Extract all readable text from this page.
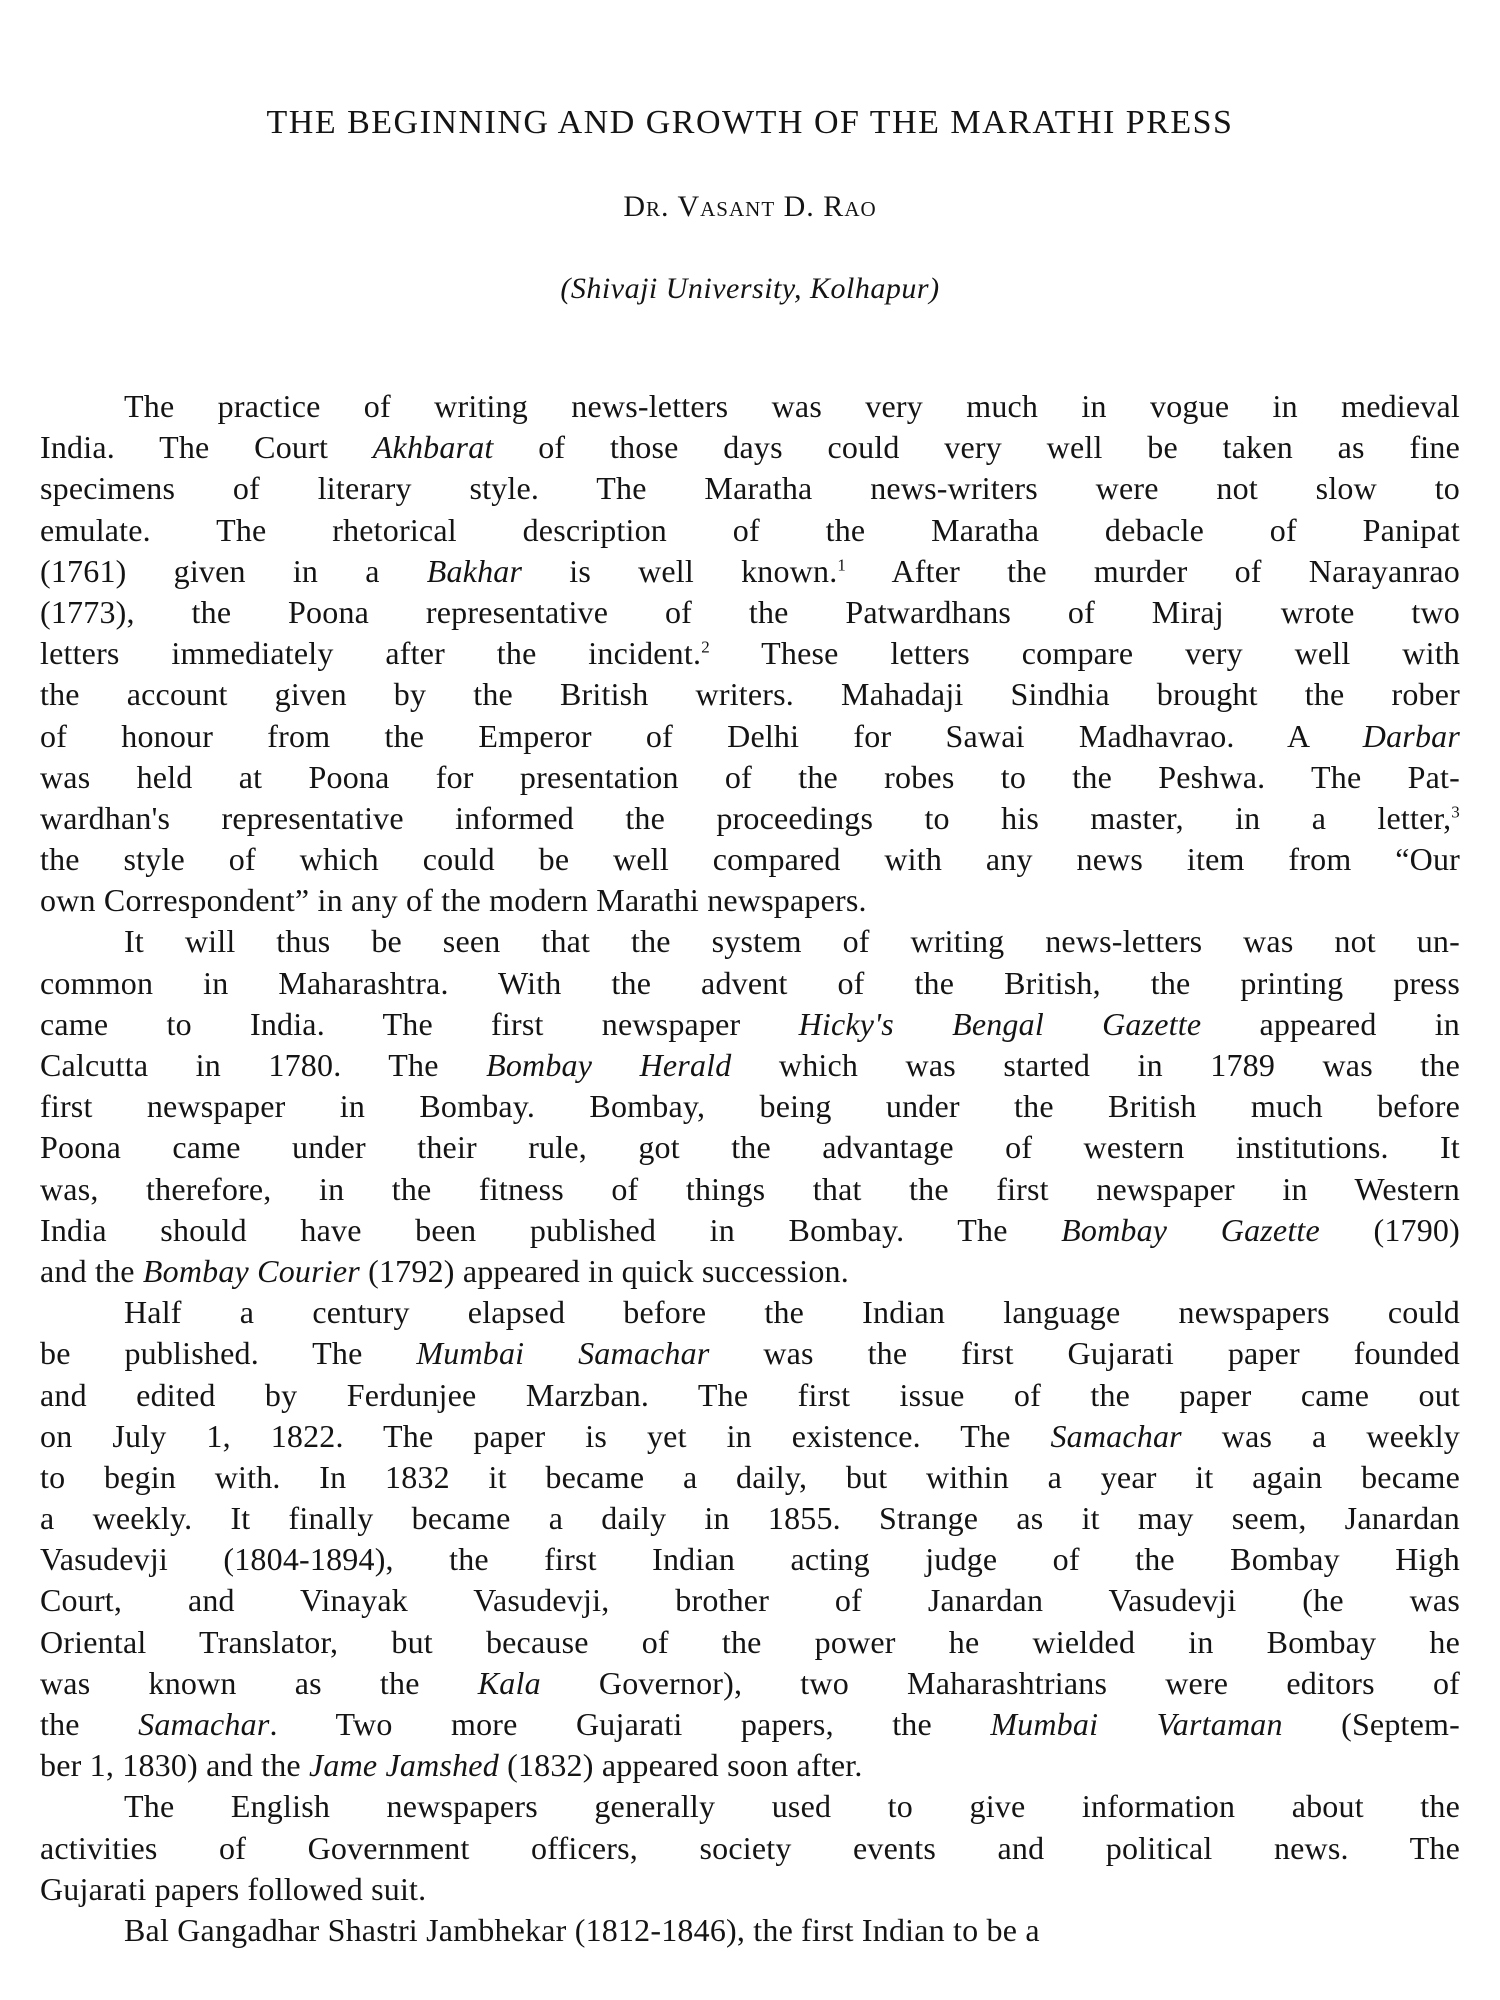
THE BEGINNING AND GROWTH OF THE MARATHI PRESS
Dr. Vasant D. Rao
(Shivaji University, Kolhapur)
The practice of writing news-letters was very much in vogue in medieval
India. The Court Akhbarat of those days could very well be taken as fine
specimens of literary style. The Maratha news-writers were not slow to
emulate. The rhetorical description of the Maratha debacle of Panipat
(1761) given in a Bakhar is well known.$^1$ After the murder of Narayanrao
(1773), the Poona representative of the Patwardhans of Miraj wrote two
letters immediately after the incident.$^2$ These letters compare very well with
the account given by the British writers. Mahadaji Sindhia brought the rober
of honour from the Emperor of Delhi for Sawai Madhavrao. A Darbar
was held at Poona for presentation of the robes to the Peshwa. The Pat-
wardhan's representative informed the proceedings to his master, in a letter,$^3$
the style of which could be well compared with any news item from “Our
own Correspondent” in any of the modern Marathi newspapers.
It will thus be seen that the system of writing news-letters was not un-
common in Maharashtra. With the advent of the British, the printing press
came to India. The first newspaper Hicky's Bengal Gazette appeared in
Calcutta in 1780. The Bombay Herald which was started in 1789 was the
first newspaper in Bombay. Bombay, being under the British much before
Poona came under their rule, got the advantage of western institutions. It
was, therefore, in the fitness of things that the first newspaper in Western
India should have been published in Bombay. The Bombay Gazette (1790)
and the Bombay Courier (1792) appeared in quick succession.
Half a century elapsed before the Indian language newspapers could
be published. The Mumbai Samachar was the first Gujarati paper founded
and edited by Ferdunjee Marzban. The first issue of the paper came out
on July 1, 1822. The paper is yet in existence. The Samachar was a weekly
to begin with. In 1832 it became a daily, but within a year it again became
a weekly. It finally became a daily in 1855. Strange as it may seem, Janardan
Vasudevji (1804-1894), the first Indian acting judge of the Bombay High
Court, and Vinayak Vasudevji, brother of Janardan Vasudevji (he was
Oriental Translator, but because of the power he wielded in Bombay he
was known as the Kala Governor), two Maharashtrians were editors of
the Samachar. Two more Gujarati papers, the Mumbai Vartaman (Septem-
ber 1, 1830) and the Jame Jamshed (1832) appeared soon after.
The English newspapers generally used to give information about the
activities of Government officers, society events and political news. The
Gujarati papers followed suit.
Bal Gangadhar Shastri Jambhekar (1812-1846), the first Indian to be a
